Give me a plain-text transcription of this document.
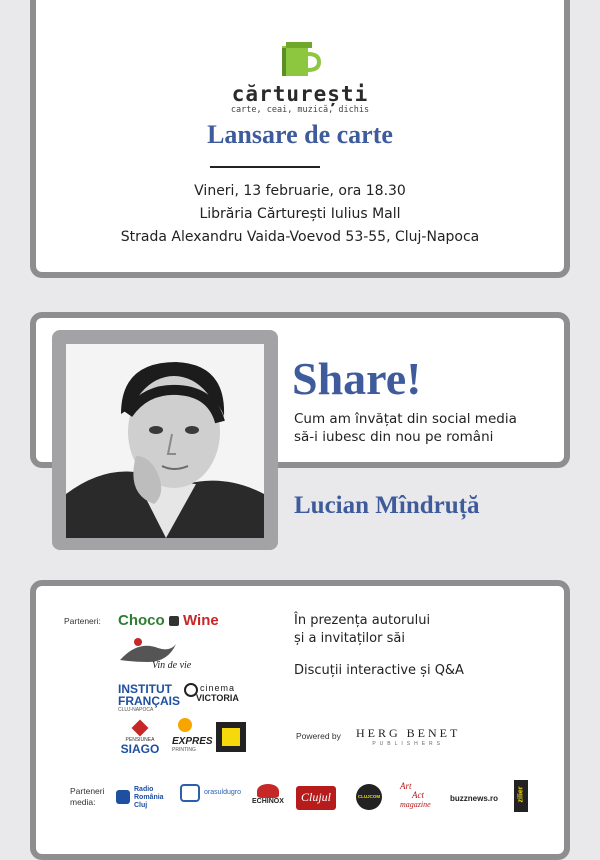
cărturești
carte, ceai, muzică, dichis
Lansare de carte
Vineri, 13 februarie, ora 18.30
Librăria Cărturești Iulius Mall
Strada Alexandru Vaida-Voevod 53-55, Cluj-Napoca
Share!
Cum am învățat din social media
să-i iubesc din nou pe români
Lucian Mîndruță
Parteneri: Choco Wine
Vin de vie
INSTITUT
FRANÇAIS
CLUJ-NAPOCA
cinema
VICTORIA
PENSIUNEA
SIAGO
EXPRES
PRINTING
În prezența autorului
și a invitaților săi
Discuții interactive și Q&A
Powered by HERG BENET
PUBLISHERS
Parteneri
media:
Radio
România
Cluj
orasuldugro
ECHINOX	Clujul	CLUJCOM
Art
Act
magazine
buzznews.ro	zilier
